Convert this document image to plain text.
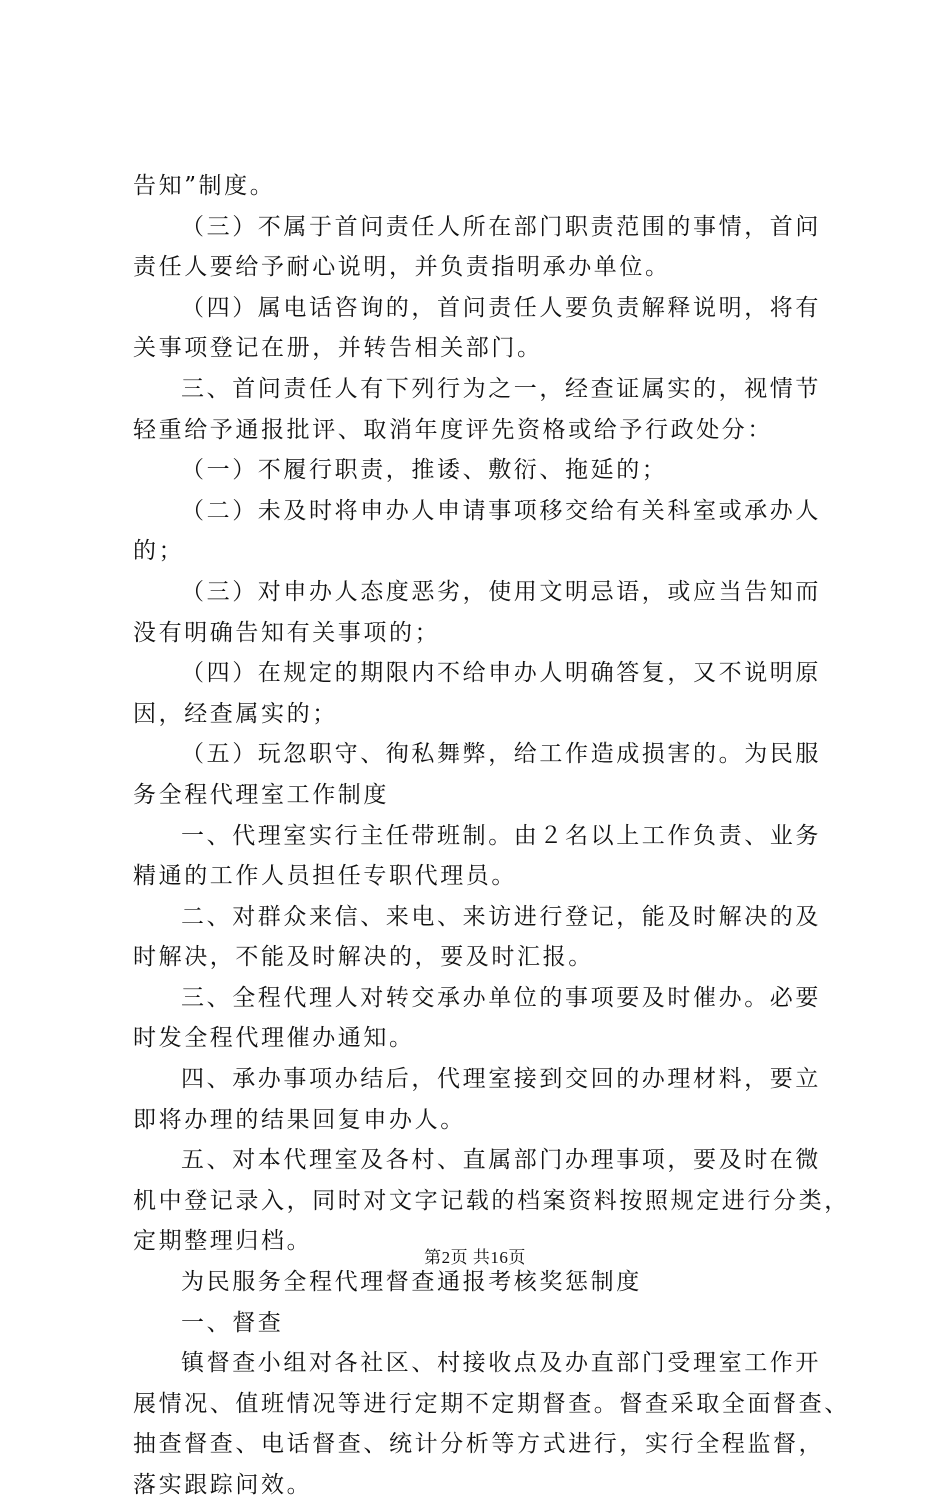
告知”制度。
（三）不属于首问责任人所在部门职责范围的事情，首问
责任人要给予耐心说明，并负责指明承办单位。
（四）属电话咨询的，首问责任人要负责解释说明，将有
关事项登记在册，并转告相关部门。
三、首问责任人有下列行为之一，经查证属实的，视情节
轻重给予通报批评、取消年度评先资格或给予行政处分：
（一）不履行职责，推诿、敷衍、拖延的；
（二）未及时将申办人申请事项移交给有关科室或承办人
的；
（三）对申办人态度恶劣，使用文明忌语，或应当告知而
没有明确告知有关事项的；
（四）在规定的期限内不给申办人明确答复，又不说明原
因，经查属实的；
（五）玩忽职守、徇私舞弊，给工作造成损害的。为民服
务全程代理室工作制度
一、代理室实行主任带班制。由２名以上工作负责、业务
精通的工作人员担任专职代理员。
二、对群众来信、来电、来访进行登记，能及时解决的及
时解决，不能及时解决的，要及时汇报。
三、全程代理人对转交承办单位的事项要及时催办。必要
时发全程代理催办通知。
四、承办事项办结后，代理室接到交回的办理材料，要立
即将办理的结果回复申办人。
五、对本代理室及各村、直属部门办理事项，要及时在微
机中登记录入，同时对文字记载的档案资料按照规定进行分类，
定期整理归档。
为民服务全程代理督查通报考核奖惩制度
一、督查
镇督查小组对各社区、村接收点及办直部门受理室工作开
展情况、值班情况等进行定期不定期督查。督查采取全面督查、
抽查督查、电话督查、统计分析等方式进行，实行全程监督，
落实跟踪问效。
第2页 共16页
